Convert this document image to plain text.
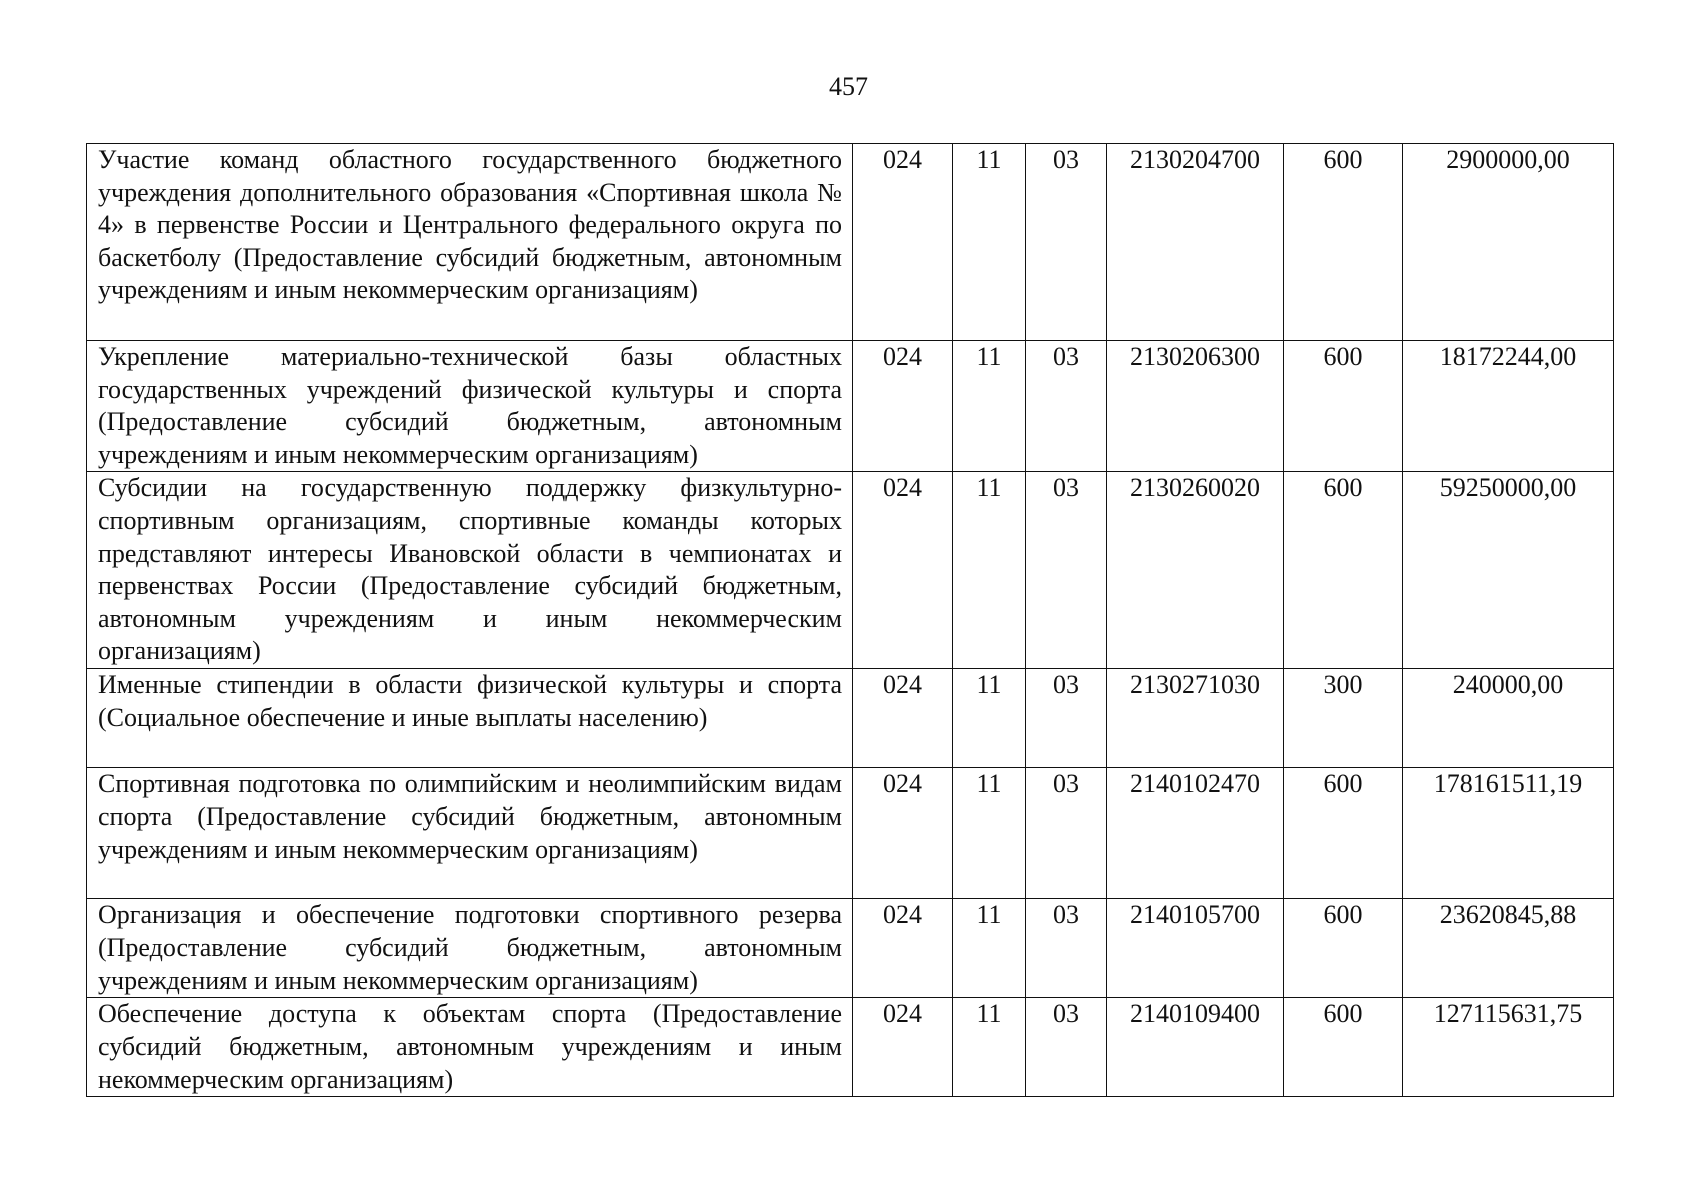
457
Участие команд областного государственного бюджетного учреждения дополнительного образования «Спортивная школа № 4» в первенстве России и Центрального федерального округа по баскетболу (Предоставление субсидий бюджетным, автономным учреждениям и иным некоммерческим организациям)	024	11	03	2130204700	600	2900000,00
Укрепление материально-технической базы областных государственных учреждений физической культуры и спорта (Предоставление субсидий бюджетным, автономным учреждениям и иным некоммерческим организациям)	024	11	03	2130206300	600	18172244,00
Субсидии на государственную поддержку физкультурно-спортивным организациям, спортивные команды которых представляют интересы Ивановской области в чемпионатах и первенствах России (Предоставление субсидий бюджетным, автономным учреждениям и иным некоммерческим организациям)	024	11	03	2130260020	600	59250000,00
Именные стипендии в области физической культуры и спорта (Социальное обеспечение и иные выплаты населению)	024	11	03	2130271030	300	240000,00
Спортивная подготовка по олимпийским и неолимпийским видам спорта (Предоставление субсидий бюджетным, автономным учреждениям и иным некоммерческим организациям)	024	11	03	2140102470	600	178161511,19
Организация и обеспечение подготовки спортивного резерва (Предоставление субсидий бюджетным, автономным учреждениям и иным некоммерческим организациям)	024	11	03	2140105700	600	23620845,88
Обеспечение доступа к объектам спорта (Предоставление субсидий бюджетным, автономным учреждениям и иным некоммерческим организациям)	024	11	03	2140109400	600	127115631,75
